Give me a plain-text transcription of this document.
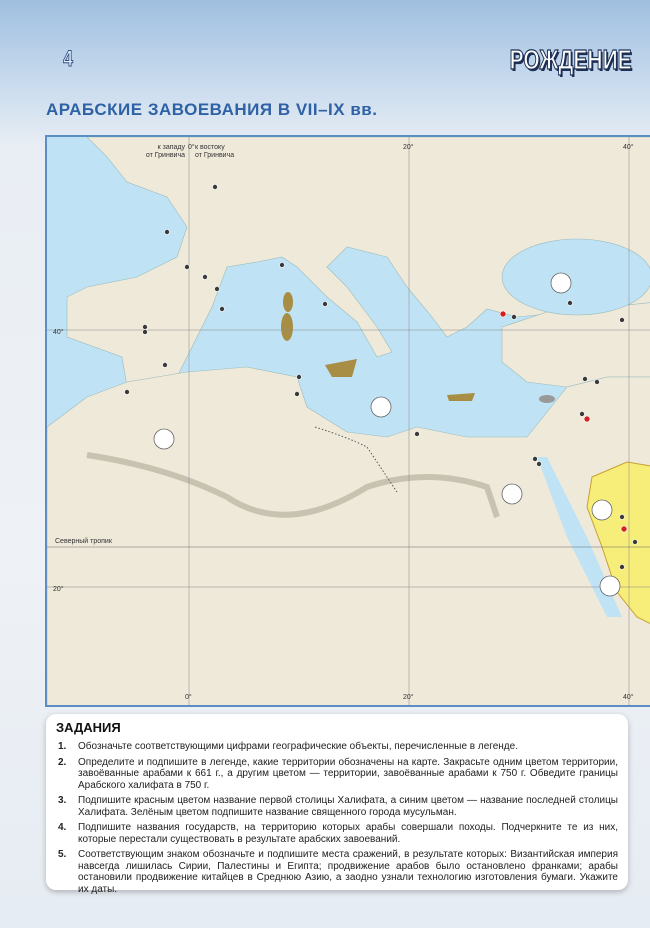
4	РОЖДЕНИЕ
АРАБСКИЕ ЗАВОЕВАНИЯ В VII–IX вв.
к западу
от Гринвича
0° к востоку
от Гринвича
20°	40°
0°	20°	40°
40°
20°
Северный тропик
ЗАДАНИЯ
1.	Обозначьте соответствующими цифрами географические объекты, перечисленные в легенде.
2.	Определите и подпишите в легенде, какие территории обозначены на карте. Закрасьте одним цветом территории, завоёванные арабами к 661 г., а другим цветом — территории, завоёванные арабами к 750 г. Обведите границы Арабского халифата в 750 г.
3.	Подпишите красным цветом название первой столицы Халифата, а синим цветом — название последней столицы Халифата. Зелёным цветом подпишите название священного города мусульман.
4.	Подпишите названия государств, на территорию которых арабы совершали походы. Подчеркните те из них, которые перестали существовать в результате арабских завоеваний.
5.	Соответствующим знаком обозначьте и подпишите места сражений, в результате которых: Византийская империя навсегда лишилась Сирии, Палестины и Египта; продвижение арабов было остановлено франками; арабы остановили продвижение китайцев в Среднюю Азию, а заодно узнали технологию изготовления бумаги. Укажите их даты.
